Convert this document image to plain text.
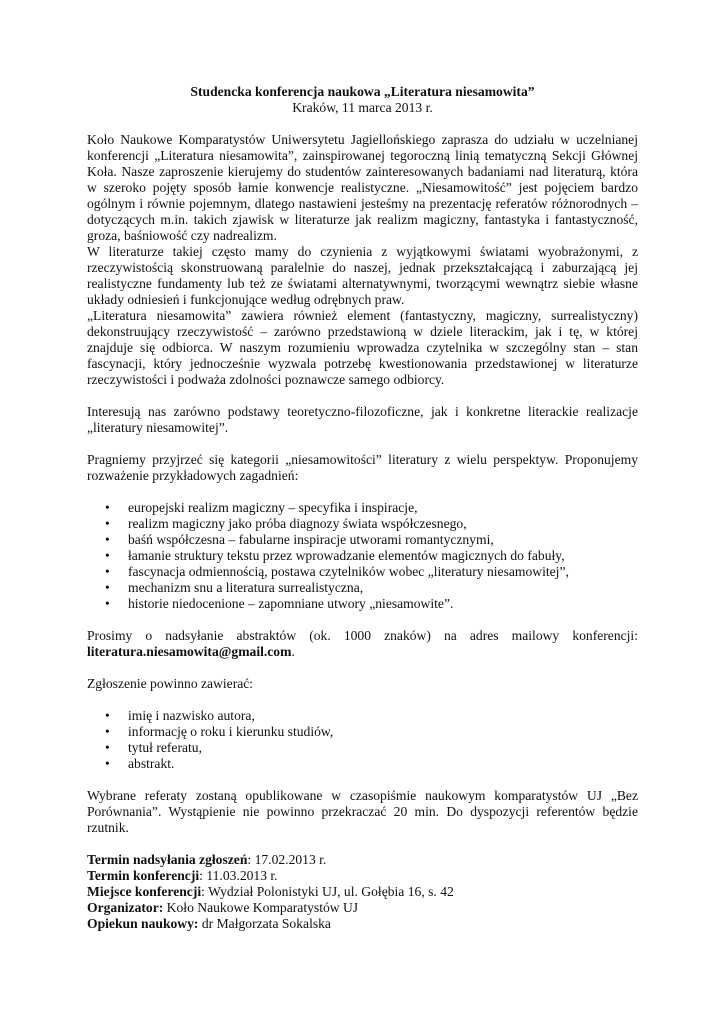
Studencka konferencja naukowa „Literatura niesamowita”
Kraków, 11 marca 2013 r.

Koło Naukowe Komparatystów Uniwersytetu Jagiellońskiego zaprasza do udziału w uczelnianej konferencji „Literatura niesamowita”, zainspirowanej tegoroczną linią tematyczną Sekcji Głównej Koła. Nasze zaproszenie kierujemy do studentów zainteresowanych badaniami nad literaturą, która w szeroko pojęty sposób łamie konwencje realistyczne. „Niesamowitość” jest pojęciem bardzo ogólnym i równie pojemnym, dlatego nastawieni jesteśmy na prezentację referatów różnorodnych – dotyczących m.in. takich zjawisk w literaturze jak realizm magiczny, fantastyka i fantastyczność, groza, baśniowość czy nadrealizm.

W literaturze takiej często mamy do czynienia z wyjątkowymi światami wyobrażonymi, z rzeczywistością skonstruowaną paralelnie do naszej, jednak przekształcającą i zaburzającą jej realistyczne fundamenty lub też ze światami alternatywnymi, tworzącymi wewnątrz siebie własne układy odniesień i funkcjonujące według odrębnych praw.

„Literatura niesamowita” zawiera również element (fantastyczny, magiczny, surrealistyczny) dekonstruujący rzeczywistość – zarówno przedstawioną w dziele literackim, jak i tę, w której znajduje się odbiorca. W naszym rozumieniu wprowadza czytelnika w szczególny stan – stan fascynacji, który jednocześnie wyzwala potrzebę kwestionowania przedstawionej w literaturze rzeczywistości i podważa zdolności poznawcze samego odbiorcy.

Interesują nas zarówno podstawy teoretyczno-filozoficzne, jak i konkretne literackie realizacje „literatury niesamowitej”.

Pragniemy przyjrzeć się kategorii „niesamowitości” literatury z wielu perspektyw. Proponujemy rozważenie przykładowych zagadnień:

• europejski realizm magiczny – specyfika i inspiracje,
• realizm magiczny jako próba diagnozy świata współczesnego,
• baśń współczesna – fabularne inspiracje utworami romantycznymi,
• łamanie struktury tekstu przez wprowadzanie elementów magicznych do fabuły,
• fascynacja odmiennością, postawa czytelników wobec „literatury niesamowitej”,
• mechanizm snu a literatura surrealistyczna,
• historie niedocenione – zapomniane utwory „niesamowite”.

Prosimy o nadsyłanie abstraktów (ok. 1000 znaków) na adres mailowy konferencji: literatura.niesamowita@gmail.com.

Zgłoszenie powinno zawierać:

• imię i nazwisko autora,
• informację o roku i kierunku studiów,
• tytuł referatu,
• abstrakt.

Wybrane referaty zostaną opublikowane w czasopiśmie naukowym komparatystów UJ „Bez Porównania”. Wystąpienie nie powinno przekraczać 20 min. Do dyspozycji referentów będzie rzutnik.

Termin nadsyłania zgłoszeń: 17.02.2013 r.

Termin konferencji: 11.03.2013 r.

Miejsce konferencji: Wydział Polonistyki UJ, ul. Gołębia 16, s. 42

Organizator: Koło Naukowe Komparatystów UJ

Opiekun naukowy: dr Małgorzata Sokalska
